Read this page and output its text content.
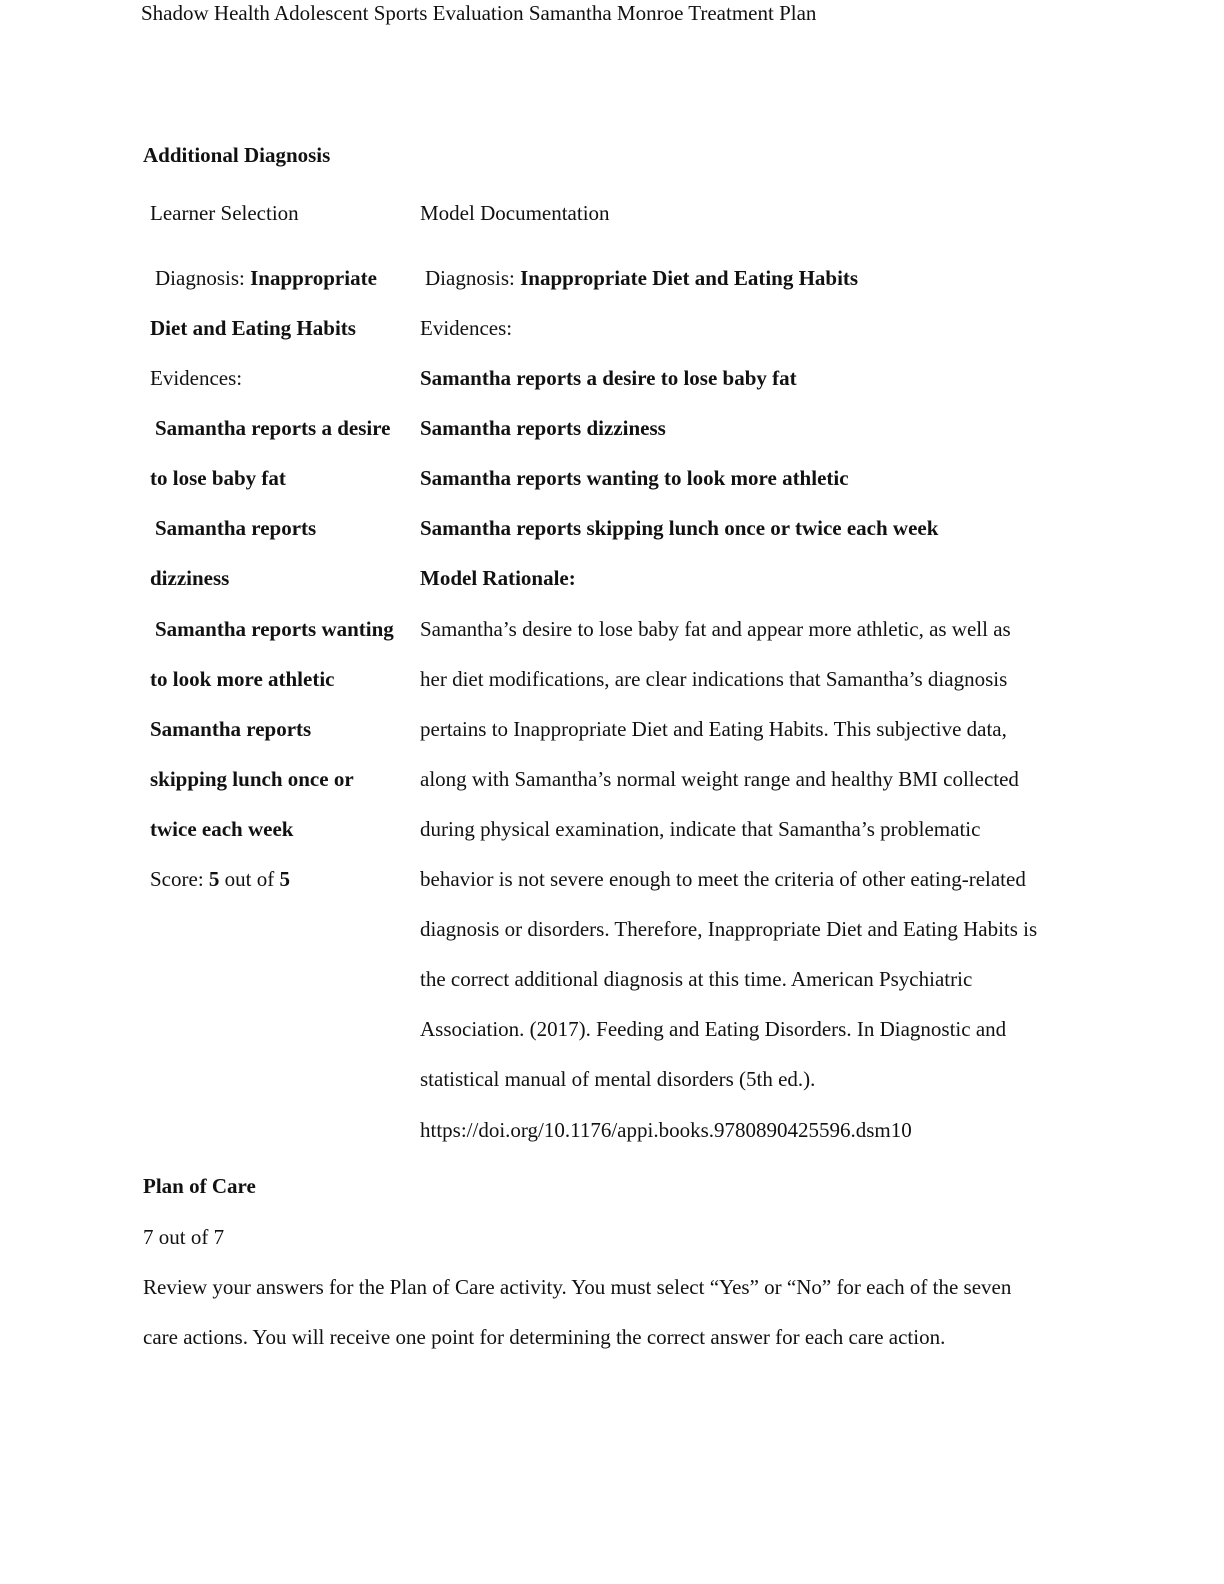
Shadow Health Adolescent Sports Evaluation Samantha Monroe Treatment Plan
Additional Diagnosis
Learner Selection	Model Documentation
Diagnosis: Inappropriate
Diet and Eating Habits
Evidences:
Samantha reports a desire
to lose baby fat
Samantha reports
dizziness
Samantha reports wanting
to look more athletic
Samantha reports
skipping lunch once or
twice each week
Score: 5 out of 5
Diagnosis: Inappropriate Diet and Eating Habits
Evidences:
Samantha reports a desire to lose baby fat
Samantha reports dizziness
Samantha reports wanting to look more athletic
Samantha reports skipping lunch once or twice each week
Model Rationale:
Samantha’s desire to lose baby fat and appear more athletic, as well as
her diet modifications, are clear indications that Samantha’s diagnosis
pertains to Inappropriate Diet and Eating Habits. This subjective data,
along with Samantha’s normal weight range and healthy BMI collected
during physical examination, indicate that Samantha’s problematic
behavior is not severe enough to meet the criteria of other eating-related
diagnosis or disorders. Therefore, Inappropriate Diet and Eating Habits is
the correct additional diagnosis at this time. American Psychiatric
Association. (2017). Feeding and Eating Disorders. In Diagnostic and
statistical manual of mental disorders (5th ed.).
https://doi.org/10.1176/appi.books.9780890425596.dsm10
Plan of Care
7 out of 7
Review your answers for the Plan of Care activity. You must select “Yes” or “No” for each of the seven
care actions. You will receive one point for determining the correct answer for each care action.
